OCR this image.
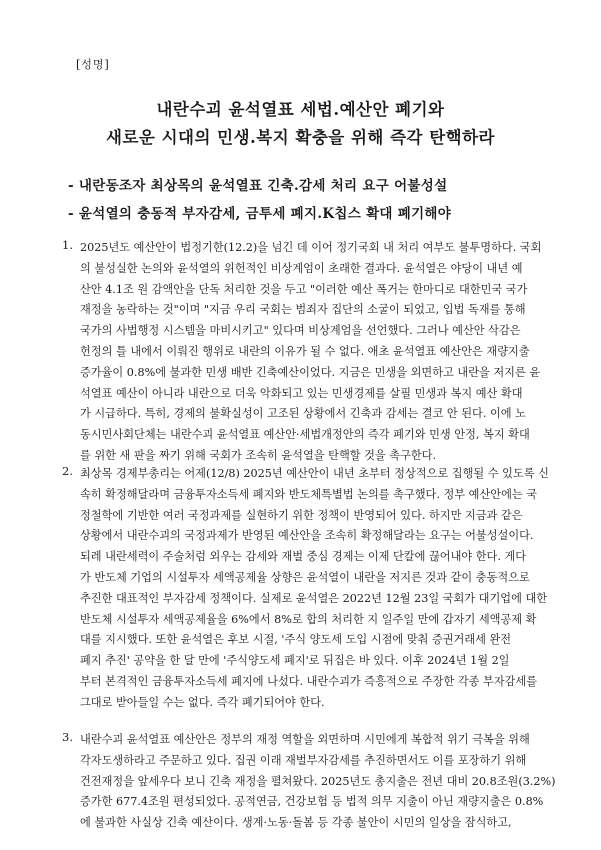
[성명]
내란수괴 윤석열표 세법.예산안 폐기와
새로운 시대의 민생.복지 확충을 위해 즉각 탄핵하라
- 내란동조자 최상목의 윤석열표 긴축.감세 처리 요구 어불성설
- 윤석열의 충동적 부자감세, 금투세 폐지.K칩스 확대 폐기해야
1. 2025년도 예산안이 법정기한(12.2)을 넘긴 데 이어 정기국회 내 처리 여부도 불투명하다. 국회
의 불성실한 논의와 윤석열의 위헌적인 비상계엄이 초래한 결과다. 윤석열은 야당이 내년 예
산안 4.1조 원 감액안을 단독 처리한 것을 두고 "이러한 예산 폭거는 한마디로 대한민국 국가
재정을 농락하는 것"이며 "지금 우리 국회는 범죄자 집단의 소굴이 되었고, 입법 독재를 통해
국가의 사법행정 시스템을 마비시키고" 있다며 비상계엄을 선언했다. 그러나 예산안 삭감은
헌정의 틀 내에서 이뤄진 행위로 내란의 이유가 될 수 없다. 애초 윤석열표 예산안은 재량지출
증가율이 0.8%에 불과한 민생 배반 긴축예산이었다. 지금은 민생을 외면하고 내란을 저지른 윤
석열표 예산이 아니라 내란으로 더욱 악화되고 있는 민생경제를 살필 민생과 복지 예산 확대
가 시급하다. 특히, 경제의 불확실성이 고조된 상황에서 긴축과 감세는 결코 안 된다. 이에 노
동시민사회단체는 내란수괴 윤석열표 예산안·세법개정안의 즉각 폐기와 민생 안정, 복지 확대
를 위한 새 판을 짜기 위해 국회가 조속히 윤석열을 탄핵할 것을 촉구한다.
2. 최상목 경제부총리는 어제(12/8) 2025년 예산안이 내년 초부터 정상적으로 집행될 수 있도록 신
속히 확정해달라며 금융투자소득세 폐지와 반도체특별법 논의를 촉구했다. 정부 예산안에는 국
정철학에 기반한 여러 국정과제를 실현하기 위한 정책이 반영되어 있다. 하지만 지금과 같은
상황에서 내란수괴의 국정과제가 반영된 예산안을 조속히 확정해달라는 요구는 어불성설이다.
되레 내란세력이 주술처럼 외우는 감세와 재벌 중심 경제는 이제 단칼에 끊어내야 한다. 게다
가 반도체 기업의 시설투자 세액공제율 상향은 윤석열이 내란을 저지른 것과 같이 충동적으로
추진한 대표적인 부자감세 정책이다. 실제로 윤석열은 2022년 12월 23일 국회가 대기업에 대한
반도체 시설투자 세액공제율을 6%에서 8%로 합의 처리한 지 일주일 만에 갑자기 세액공제 확
대를 지시했다. 또한 윤석열은 후보 시절, '주식 양도세 도입 시점에 맞춰 증권거래세 완전
폐지 추진' 공약을 한 달 만에 '주식양도세 폐지'로 뒤집은 바 있다. 이후 2024년 1월 2일
부터 본격적인 금융투자소득세 폐지에 나섰다. 내란수괴가 즉흥적으로 주장한 각종 부자감세를
그대로 받아들일 수는 없다. 즉각 폐기되어야 한다.
3. 내란수괴 윤석열표 예산안은 정부의 재정 역할을 외면하며 시민에게 복합적 위기 극복을 위해
각자도생하라고 주문하고 있다. 집권 이래 재벌부자감세를 추진하면서도 이를 포장하기 위해
건전재정을 앞세우다 보니 긴축 재정을 펼쳐왔다. 2025년도 총지출은 전년 대비 20.8조원(3.2%)
증가한 677.4조원 편성되었다. 공적연금, 건강보험 등 법적 의무 지출이 아닌 재량지출은 0.8%
에 불과한 사실상 긴축 예산이다. 생계·노동·돌봄 등 각종 불안이 시민의 일상을 잠식하고,
